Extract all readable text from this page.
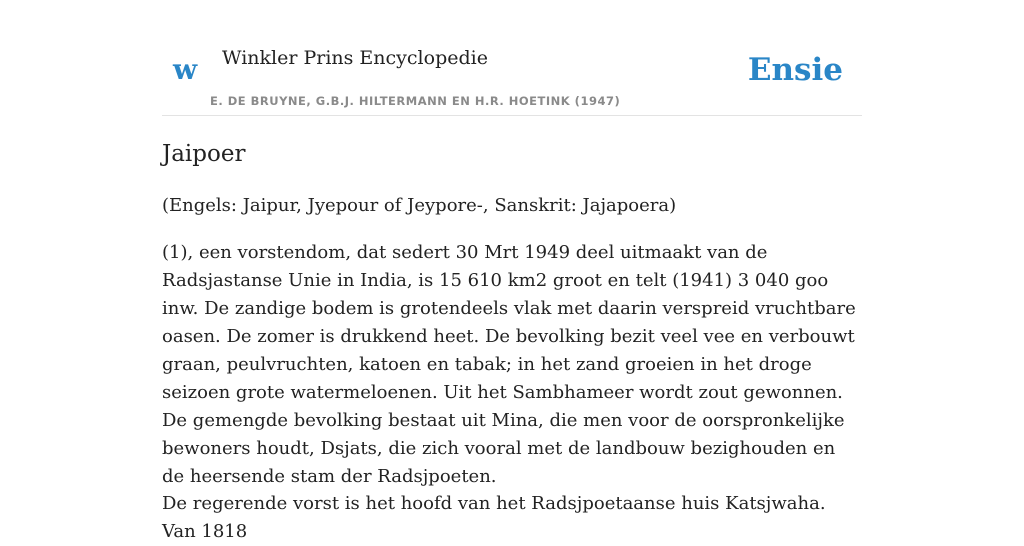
w Winkler Prins Encyclopedie	Ensie
E. DE BRUYNE, G.B.J. HILTERMANN EN H.R. HOETINK (1947)
Jaipoer
(Engels: Jaipur, Jyepour of Jeypore-, Sanskrit: Jajapoera)

(1), een vorstendom, dat sedert 30 Mrt 1949 deel uitmaakt van de Radsjastanse Unie in India, is 15 610 km2 groot en telt (1941) 3 040 goo inw. De zandige bodem is grotendeels vlak met daarin verspreid vruchtbare oasen. De zomer is drukkend heet. De bevolking bezit veel vee en verbouwt graan, peulvruchten, katoen en tabak; in het zand groeien in het droge seizoen grote watermeloenen. Uit het Sambhameer wordt zout gewonnen. De gemengde bevolking bestaat uit Mina, die men voor de oorspronkelijke bewoners houdt, Dsjats, die zich vooral met de landbouw bezighouden en de heersende stam der Radsjpoeten.

De regerende vorst is het hoofd van het Radsjpoetaanse huis Katsjwaha. Van 1818
